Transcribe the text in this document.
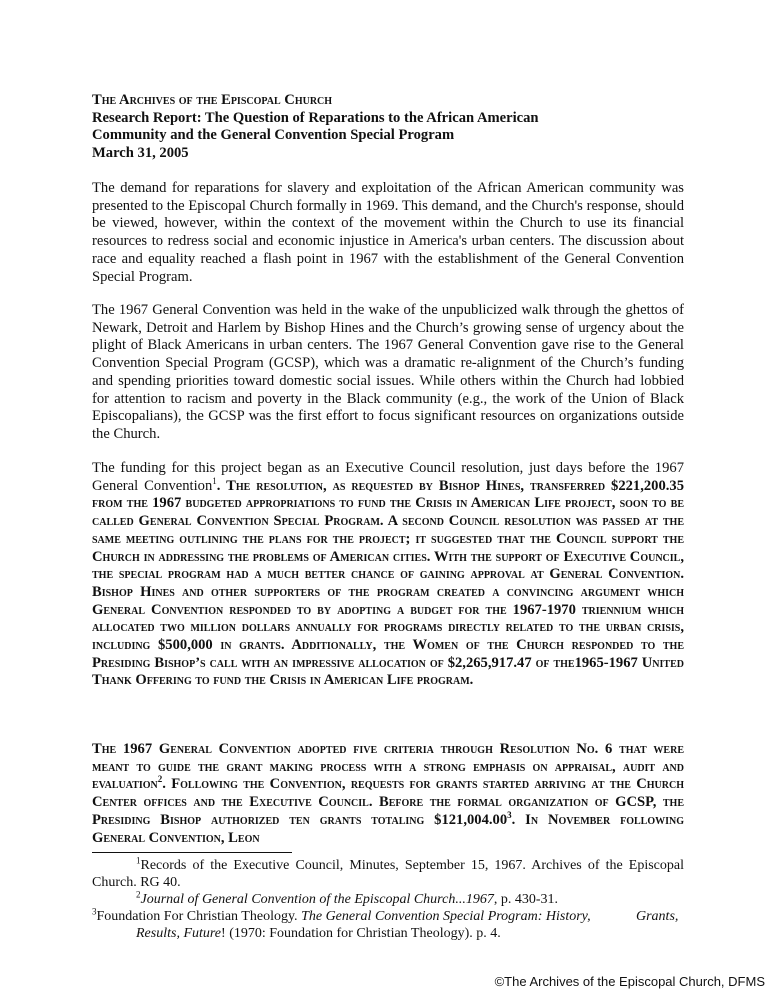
The Archives of the Episcopal Church
Research Report: The Question of Reparations to the African American
Community and the General Convention Special Program
March 31, 2005

The demand for reparations for slavery and exploitation of the African American community was presented to the Episcopal Church formally in 1969. This demand, and the Church's response, should be viewed, however, within the context of the movement within the Church to use its financial resources to redress social and economic injustice in America's urban centers. The discussion about race and equality reached a flash point in 1967 with the establishment of the General Convention Special Program.

The 1967 General Convention was held in the wake of the unpublicized walk through the ghettos of Newark, Detroit and Harlem by Bishop Hines and the Church’s growing sense of urgency about the plight of Black Americans in urban centers. The 1967 General Convention gave rise to the General Convention Special Program (GCSP), which was a dramatic re-alignment of the Church’s funding and spending priorities toward domestic social issues. While others within the Church had lobbied for attention to racism and poverty in the Black community (e.g., the work of the Union of Black Episcopalians), the GCSP was the first effort to focus significant resources on organizations outside the Church.

The funding for this project began as an Executive Council resolution, just days before the 1967 General Convention$^1$. The resolution, as requested by Bishop Hines, transferred $221,200.35 from the 1967 budgeted appropriations to fund the Crisis in American Life project, soon to be called General Convention Special Program. A second Council resolution was passed at the same meeting outlining the plans for the project; it suggested that the Council support the Church in addressing the problems of American cities. With the support of Executive Council, the special program had a much better chance of gaining approval at General Convention. Bishop Hines and other supporters of the program created a convincing argument which General Convention responded to by adopting a budget for the 1967-1970 triennium which allocated two million dollars annually for programs directly related to the urban crisis, including $500,000 in grants. Additionally, the Women of the Church responded to the Presiding Bishop’s call with an impressive allocation of $2,265,917.47 of the1965-1967 United Thank Offering to fund the Crisis in American Life program.

The 1967 General Convention adopted five criteria through Resolution No. 6 that were meant to guide the grant making process with a strong emphasis on appraisal, audit and evaluation$^2$. Following the Convention, requests for grants started arriving at the Church Center offices and the Executive Council. Before the formal organization of GCSP, the Presiding Bishop authorized ten grants totaling $121,004.00$^3$. In November following General Convention, Leon

$^1$Records of the Executive Council, Minutes, September 15, 1967. Archives of the Episcopal Church. RG 40.

$^2$Journal of General Convention of the Episcopal Church...1967, p. 430-31.

$^3$Foundation For Christian Theology. The General Convention Special Program: History,	Grants,
Results, Future! (1970: Foundation for Christian Theology). p. 4.

©The Archives of the Episcopal Church, DFMS
